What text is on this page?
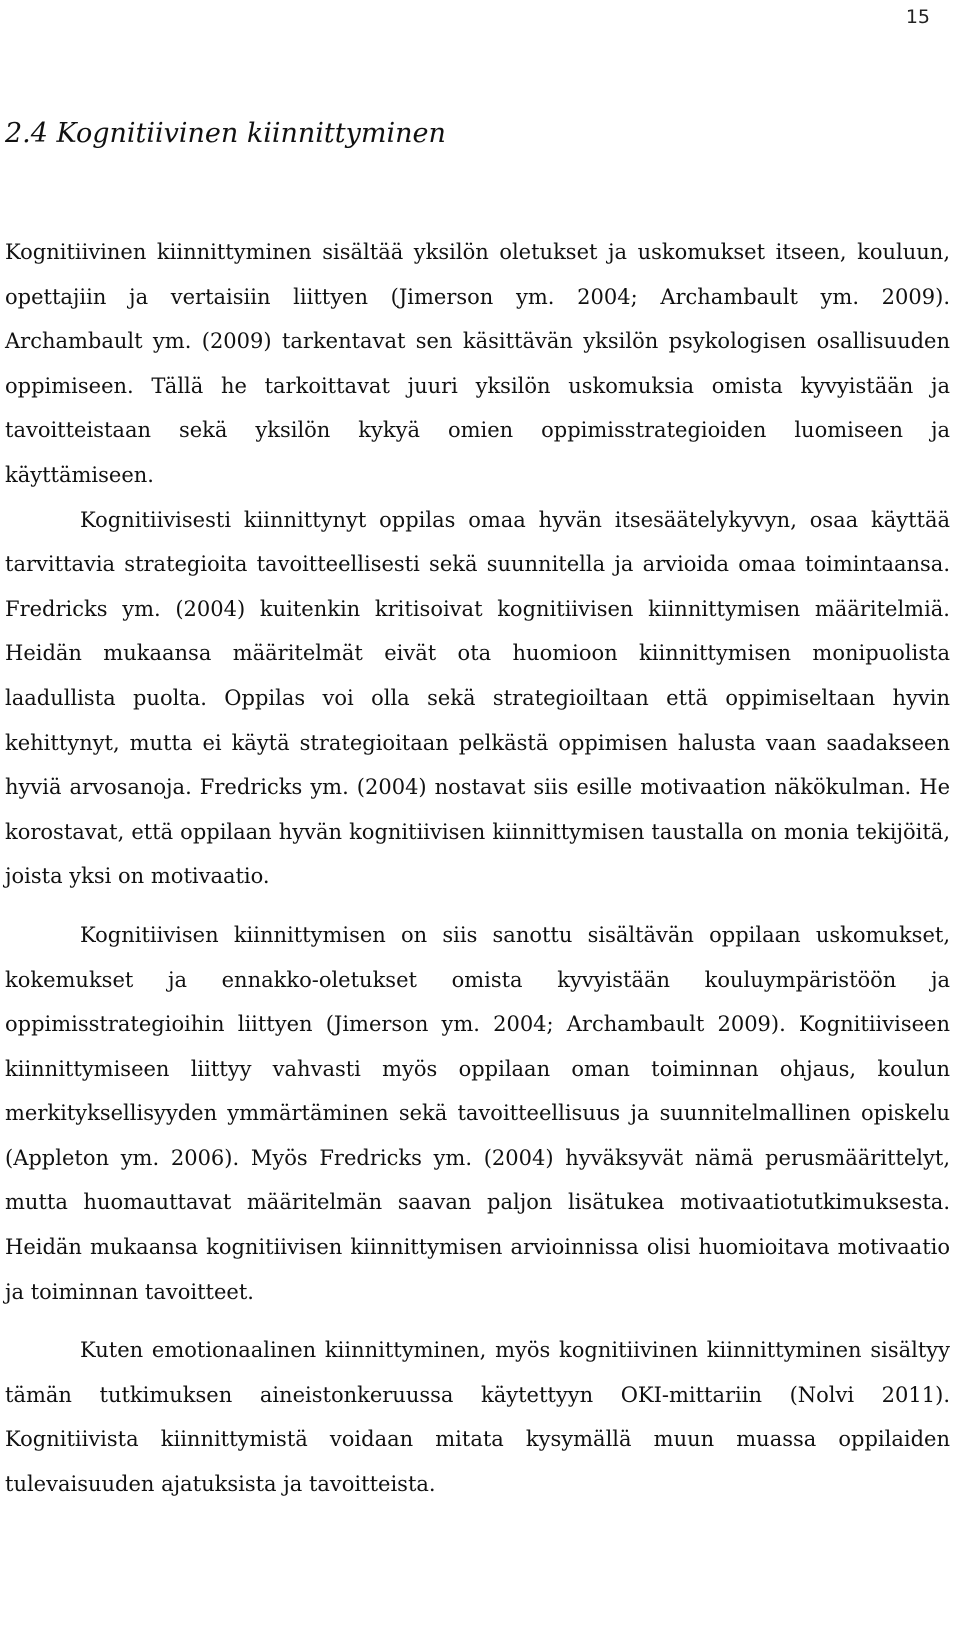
15
2.4 Kognitiivinen kiinnittyminen

Kognitiivinen kiinnittyminen sisältää yksilön oletukset ja uskomukset itseen, kouluun, opettajiin ja vertaisiin liittyen (Jimerson ym. 2004; Archambault ym. 2009). Archambault ym. (2009) tarkentavat sen käsittävän yksilön psykologisen osallisuuden oppimiseen. Tällä he tarkoittavat juuri yksilön uskomuksia omista kyvyistään ja tavoitteistaan sekä yksilön kykyä omien oppimisstrategioiden luomiseen ja käyttämiseen.

Kognitiivisesti kiinnittynyt oppilas omaa hyvän itsesäätelykyvyn, osaa käyttää tarvittavia strategioita tavoitteellisesti sekä suunnitella ja arvioida omaa toimintaansa. Fredricks ym. (2004) kuitenkin kritisoivat kognitiivisen kiinnittymisen määritelmiä. Heidän mukaansa määritelmät eivät ota huomioon kiinnittymisen monipuolista laadullista puolta. Oppilas voi olla sekä strategioiltaan että oppimiseltaan hyvin kehittynyt, mutta ei käytä strategioitaan pelkästä oppimisen halusta vaan saadakseen hyviä arvosanoja. Fredricks ym. (2004) nostavat siis esille motivaation näkökulman. He korostavat, että oppilaan hyvän kognitiivisen kiinnittymisen taustalla on monia tekijöitä, joista yksi on motivaatio.

Kognitiivisen kiinnittymisen on siis sanottu sisältävän oppilaan uskomukset, kokemukset ja ennakko-oletukset omista kyvyistään kouluympäristöön ja oppimisstrategioihin liittyen (Jimerson ym. 2004; Archambault 2009). Kognitiiviseen kiinnittymiseen liittyy vahvasti myös oppilaan oman toiminnan ohjaus, koulun merkityksellisyyden ymmärtäminen sekä tavoitteellisuus ja suunnitelmallinen opiskelu (Appleton ym. 2006). Myös Fredricks ym. (2004) hyväksyvät nämä perusmäärittelyt, mutta huomauttavat määritelmän saavan paljon lisätukea motivaatiotutkimuksesta. Heidän mukaansa kognitiivisen kiinnittymisen arvioinnissa olisi huomioitava motivaatio ja toiminnan tavoitteet.

Kuten emotionaalinen kiinnittyminen, myös kognitiivinen kiinnittyminen sisältyy tämän tutkimuksen aineistonkeruussa käytettyyn OKI-mittariin (Nolvi 2011). Kognitiivista kiinnittymistä voidaan mitata kysymällä muun muassa oppilaiden tulevaisuuden ajatuksista ja tavoitteista.
